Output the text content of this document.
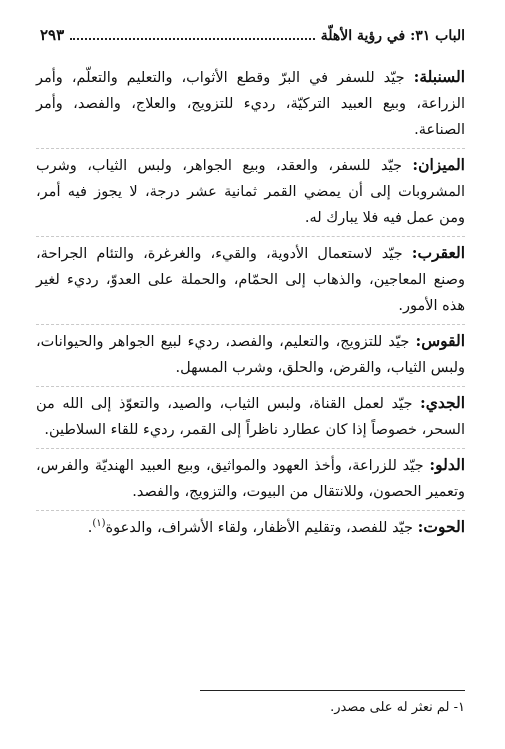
الباب ٣١: في رؤية الأهلّة
٢٩٣

السنبلة: جيّد للسفر في البرّ وقطع الأثواب، والتعليم والتعلّم، وأمر الزراعة، وبيع العبيد التركيّة، رديء للتزويج، والعلاج، والفصد، وأمر الصناعة.

الميزان: جيّد للسفر، والعقد، وبيع الجواهر، ولبس الثياب، وشرب المشروبات إلى أن يمضي القمر ثمانية عشر درجة، لا يجوز فيه أمر، ومن عمل فيه فلا يبارك له.

العقرب: جيّد لاستعمال الأدوية، والقيء، والغرغرة، والتئام الجراحة، وصنع المعاجين، والذهاب إلى الحمّام، والحملة على العدوّ، رديء لغير هذه الأمور.

القوس: جيّد للتزويج، والتعليم، والفصد، رديء لبيع الجواهر والحيوانات، ولبس الثياب، والقرض، والحلق، وشرب المسهل.

الجدي: جيّد لعمل القناة، ولبس الثياب، والصيد، والتعوّذ إلى الله من السحر، خصوصاً إذا كان عطارد ناظراً إلى القمر، رديء للقاء السلاطين.

الدلو: جيّد للزراعة، وأخذ العهود والمواثيق، وبيع العبيد الهنديّة والفرس، وتعمير الحصون، وللانتقال من البيوت، والتزويج، والفصد.

الحوت: جيّد للفصد، وتقليم الأظفار، ولقاء الأشراف، والدعوة$^{(١)}$.

١- لم نعثر له على مصدر.
